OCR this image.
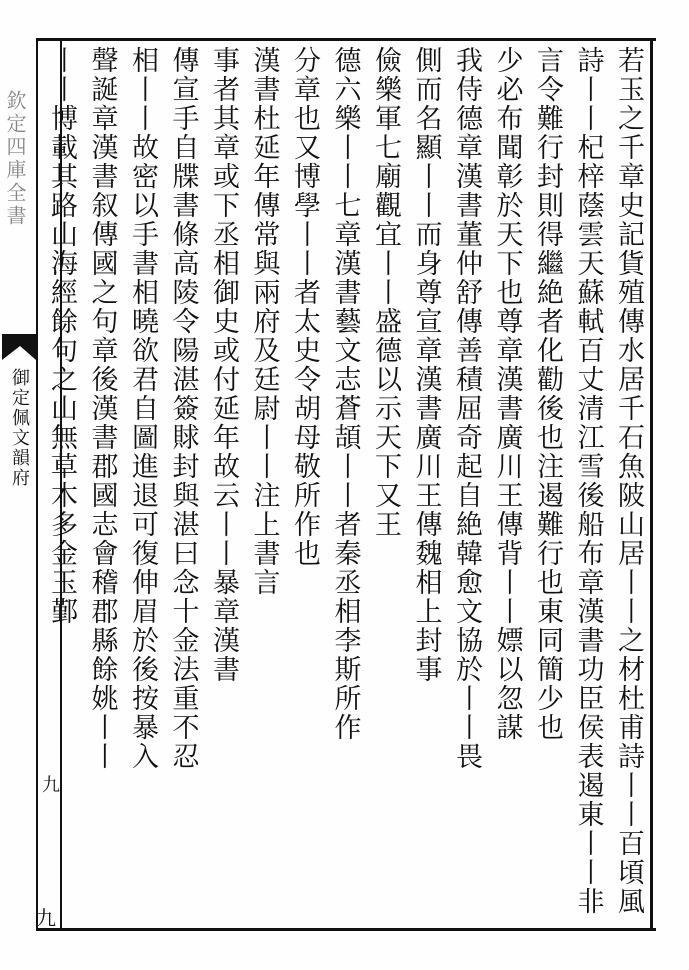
欽定四庫全書
御定佩文韻府
九
九
若玉之千章史記貨殖傳水居千石魚陂山居丨丨之材杜甫詩丨丨百頃風
詩丨丨杞梓蔭雲天蘇軾百丈清江雪後船布章漢書功臣侯表遏東丨丨非
言令難行封則得繼絶者化勸後也注遏難行也東同簡少也
少必布聞彰於天下也尊章漢書廣川王傳背丨丨嫖以忽謀
我侍德章漢書董仲舒傳善積屈奇起自絶韓愈文協於丨丨畏
側而名顯丨丨而身尊宣章漢書廣川王傳魏相上封事
儉樂軍七廟觀宜丨丨盛德以示天下又王
德六樂丨丨七章漢書藝文志蒼頡丨丨者秦丞相李斯所作
分章也又博學丨丨者太史令胡母敬所作也
漢書杜延年傳常與兩府及廷尉丨丨注上書言
事者其章或下丞相御史或付延年故云丨丨暴章漢書
傳宣手自牒書條高陵令陽湛簽賕封與湛曰念十金法重不忍
相丨丨故密以手書相曉欲君自圖進退可復伸眉於後按暴入
聲誕章漢書叙傳國之句章後漢書郡國志會稽郡縣餘姚丨丨
丨丨博載其路山海經餘句之山無草木多金玉鄞
